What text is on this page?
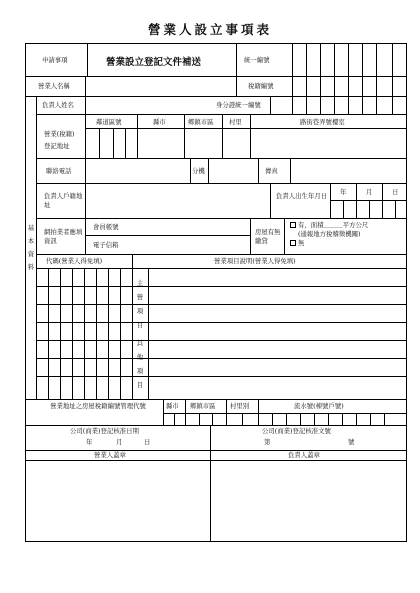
營業人設立事項表
申請事項	營業設立登記文件補送	統一編號
營業人名稱	稅籍編號
基本資料
負責人姓名	身分證統一編號
營業(稅籍)登記地址
鄰道區號	縣市	鄉鎮市區 村里	路街巷弄號樓室
聯絡電話	分機	傳真
負責人戶籍地址
負責人出生年月日 年	月	日
網拍業者應填資訊
會員帳號
電子信箱
房屋有無繳貸
有，面積＿＿＿平方公尺
(通報地方稅稽徵機關)
無
代碼(營業人得免填)	營業項目說明(營業人得免填)
主營項目
其他項目
營業地址之房屋稅籍編號管理代號	縣市 鄉鎮市區 村里別	流水號(棟號戶號)
公司(商業)登記核准日期
年	月	日
公司(商業)登記核准文號
第	號
營業人蓋章	負責人蓋章
